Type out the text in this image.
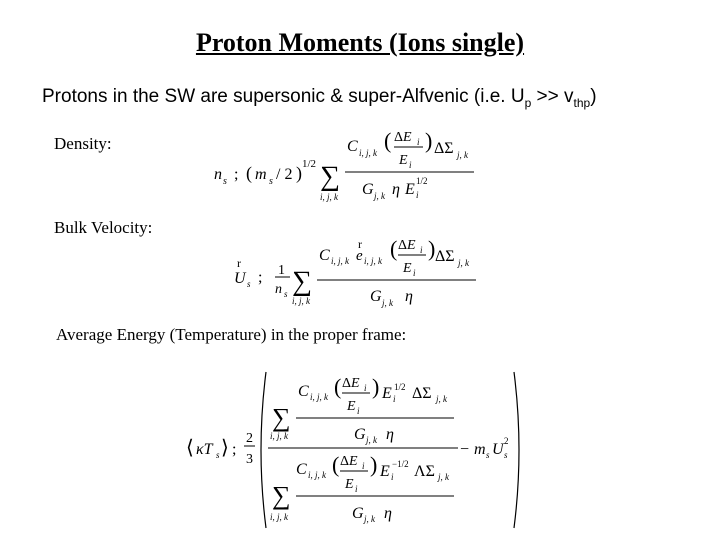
Proton Moments (Ions single)
Protons in the SW are supersonic & super-Alfvenic (i.e. $U_p >> v_{thp}$)
Density:
Bulk Velocity:
Average Energy (Temperature) in the proper frame:
n s ; ( m s / 2 ) 1/2 ∑
i, j, k
C i, j, k ( ΔE i
E i
) ΔΣ j, k
G j, k η E i
1/2
r
U s ; 1
n s ∑
i, j, k
C i, j, k
r
e i, j, k ( ΔE i
E i
) ΔΣ j, k
G j, k η
⟨ κT s ⟩ ;
2
3
∑
i, j, k
C i, j, k ( ΔE i
E i
) E i
1/2 ΔΣ j, k
G j, k η
∑
i, j, k
C i, j, k ( ΔE i
E i
) E i
−1/2 ΛΣ j, k
G j, k η
− m s U s
2
